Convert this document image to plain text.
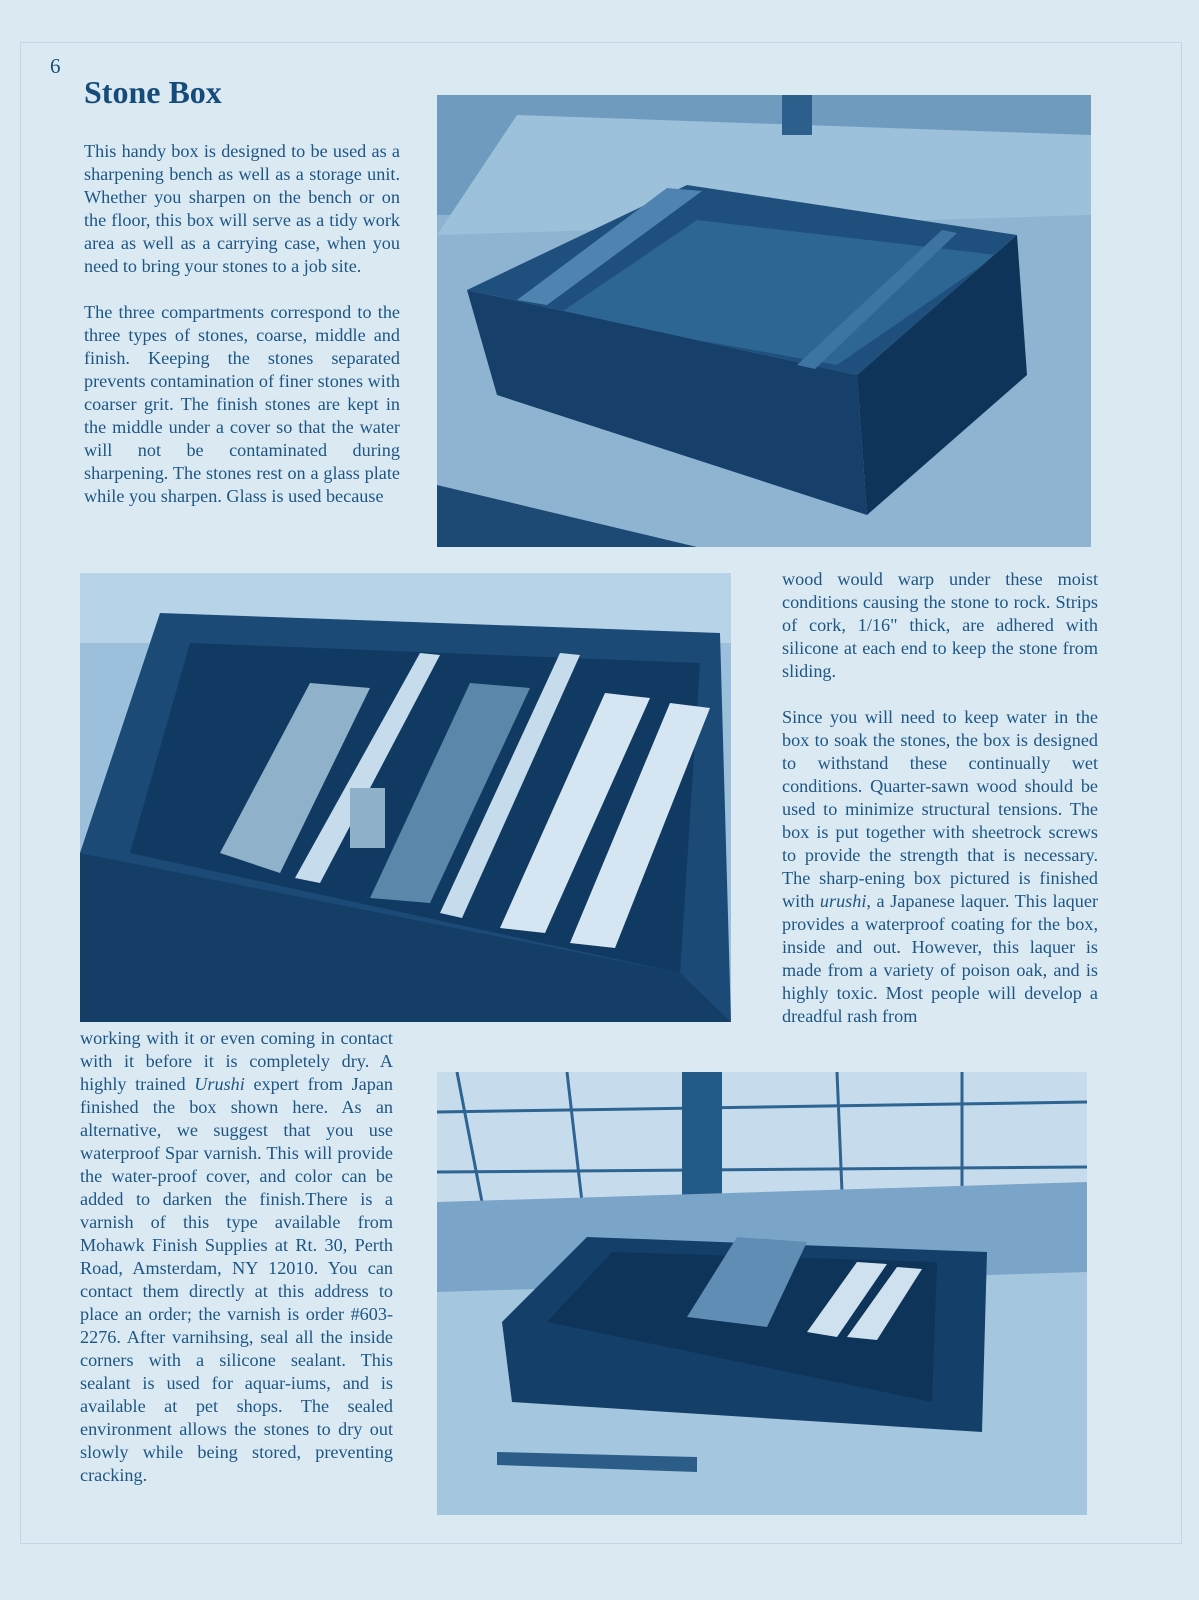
6
Stone Box

This handy box is designed to be used as a sharpening bench as well as a storage unit. Whether you sharpen on the bench or on the floor, this box will serve as a tidy work area as well as a carrying case, when you need to bring your stones to a job site.

The three compartments correspond to the three types of stones, coarse, middle and finish. Keeping the stones separated prevents contamination of finer stones with coarser grit. The finish stones are kept in the middle under a cover so that the water will not be contaminated during sharpening. The stones rest on a glass plate while you sharpen. Glass is used because

wood would warp under these moist conditions causing the stone to rock. Strips of cork, 1/16" thick, are adhered with silicone at each end to keep the stone from sliding.

Since you will need to keep water in the box to soak the stones, the box is designed to withstand these continually wet conditions. Quarter-sawn wood should be used to minimize structural tensions. The box is put together with sheetrock screws to provide the strength that is necessary. The sharp-ening box pictured is finished with urushi, a Japanese laquer. This laquer provides a waterproof coating for the box, inside and out. However, this laquer is made from a variety of poison oak, and is highly toxic. Most people will develop a dreadful rash from

working with it or even coming in contact with it before it is completely dry. A highly trained Urushi expert from Japan finished the box shown here. As an alternative, we suggest that you use waterproof Spar varnish. This will provide the water-proof cover, and color can be added to darken the finish.There is a varnish of this type available from Mohawk Finish Supplies at Rt. 30, Perth Road, Amsterdam, NY 12010. You can contact them directly at this address to place an order; the varnish is order #603-2276. After varnihsing, seal all the inside corners with a silicone sealant. This sealant is used for aquar-iums, and is available at pet shops. The sealed environment allows the stones to dry out slowly while being stored, preventing cracking.
